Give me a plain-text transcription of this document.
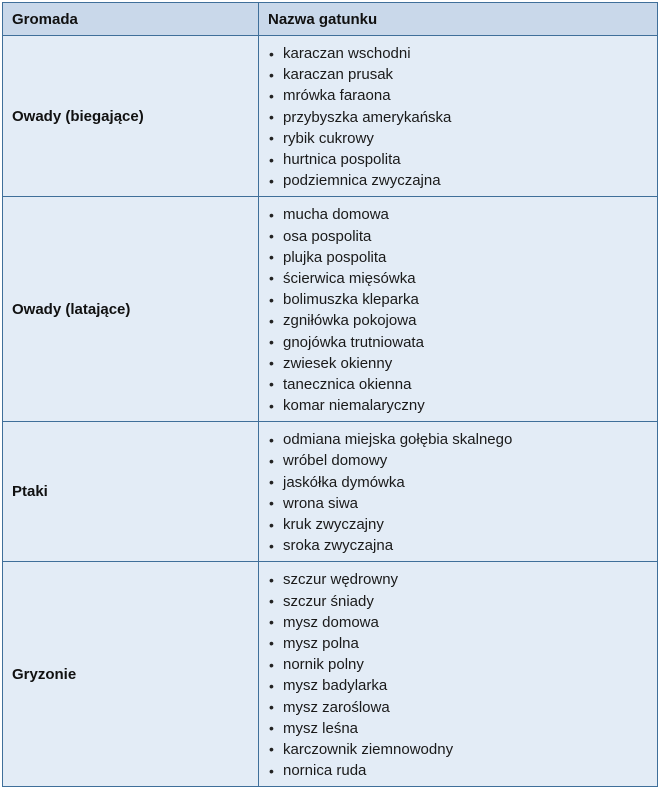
Gromada	Nazwa gatunku
Owady (biegające)
• karaczan wschodni
• karaczan prusak
• mrówka faraona
• przybyszka amerykańska
• rybik cukrowy
• hurtnica pospolita
• podziemnica zwyczajna
Owady (latające)
• mucha domowa
• osa pospolita
• plujka pospolita
• ścierwica mięsówka
• bolimuszka kleparka
• zgniłówka pokojowa
• gnojówka trutniowata
• zwiesek okienny
• tanecznica okienna
• komar niemalaryczny
Ptaki
• odmiana miejska gołębia skalnego
• wróbel domowy
• jaskółka dymówka
• wrona siwa
• kruk zwyczajny
• sroka zwyczajna
Gryzonie
• szczur wędrowny
• szczur śniady
• mysz domowa
• mysz polna
• nornik polny
• mysz badylarka
• mysz zaroślowa
• mysz leśna
• karczownik ziemnowodny
• nornica ruda
